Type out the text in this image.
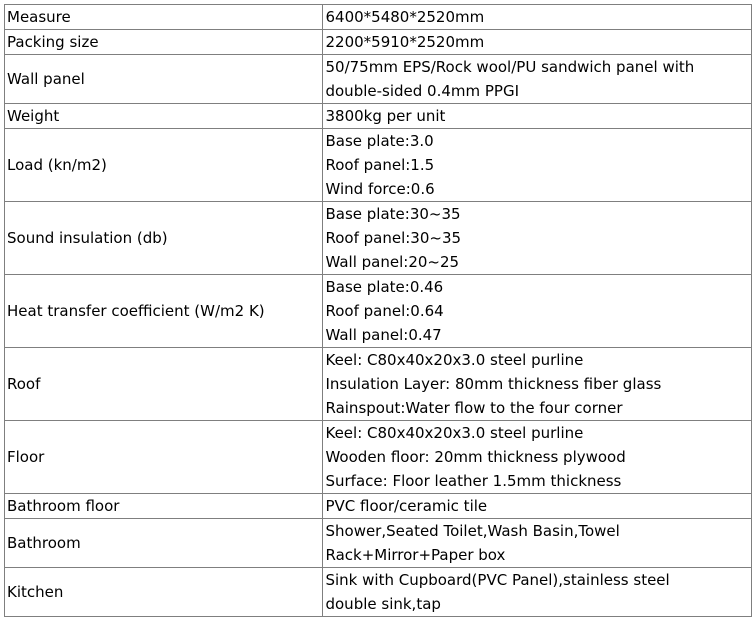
Measure	6400*5480*2520mm

Packing size	2200*5910*2520mm

Wall panel	50/75mm EPS/Rock wool/PU sandwich panel with
double-sided 0.4mm PPGI

Weight	3800kg per unit

Load (kn/m2)	Base plate:3.0
Roof panel:1.5
Wind force:0.6

Sound insulation (db)	Base plate:30~35
Roof panel:30~35
Wall panel:20~25

Heat transfer coefficient (W/m2 K)	Base plate:0.46
Roof panel:0.64
Wall panel:0.47

Roof	Keel: C80x40x20x3.0 steel purline
Insulation Layer: 80mm thickness fiber glass
Rainspout:Water flow to the four corner

Floor	Keel: C80x40x20x3.0 steel purline
Wooden floor: 20mm thickness plywood
Surface: Floor leather 1.5mm thickness

Bathroom floor	PVC floor/ceramic tile

Bathroom	Shower,Seated Toilet,Wash Basin,Towel
Rack+Mirror+Paper box

Kitchen	Sink with Cupboard(PVC Panel),stainless steel
double sink,tap
